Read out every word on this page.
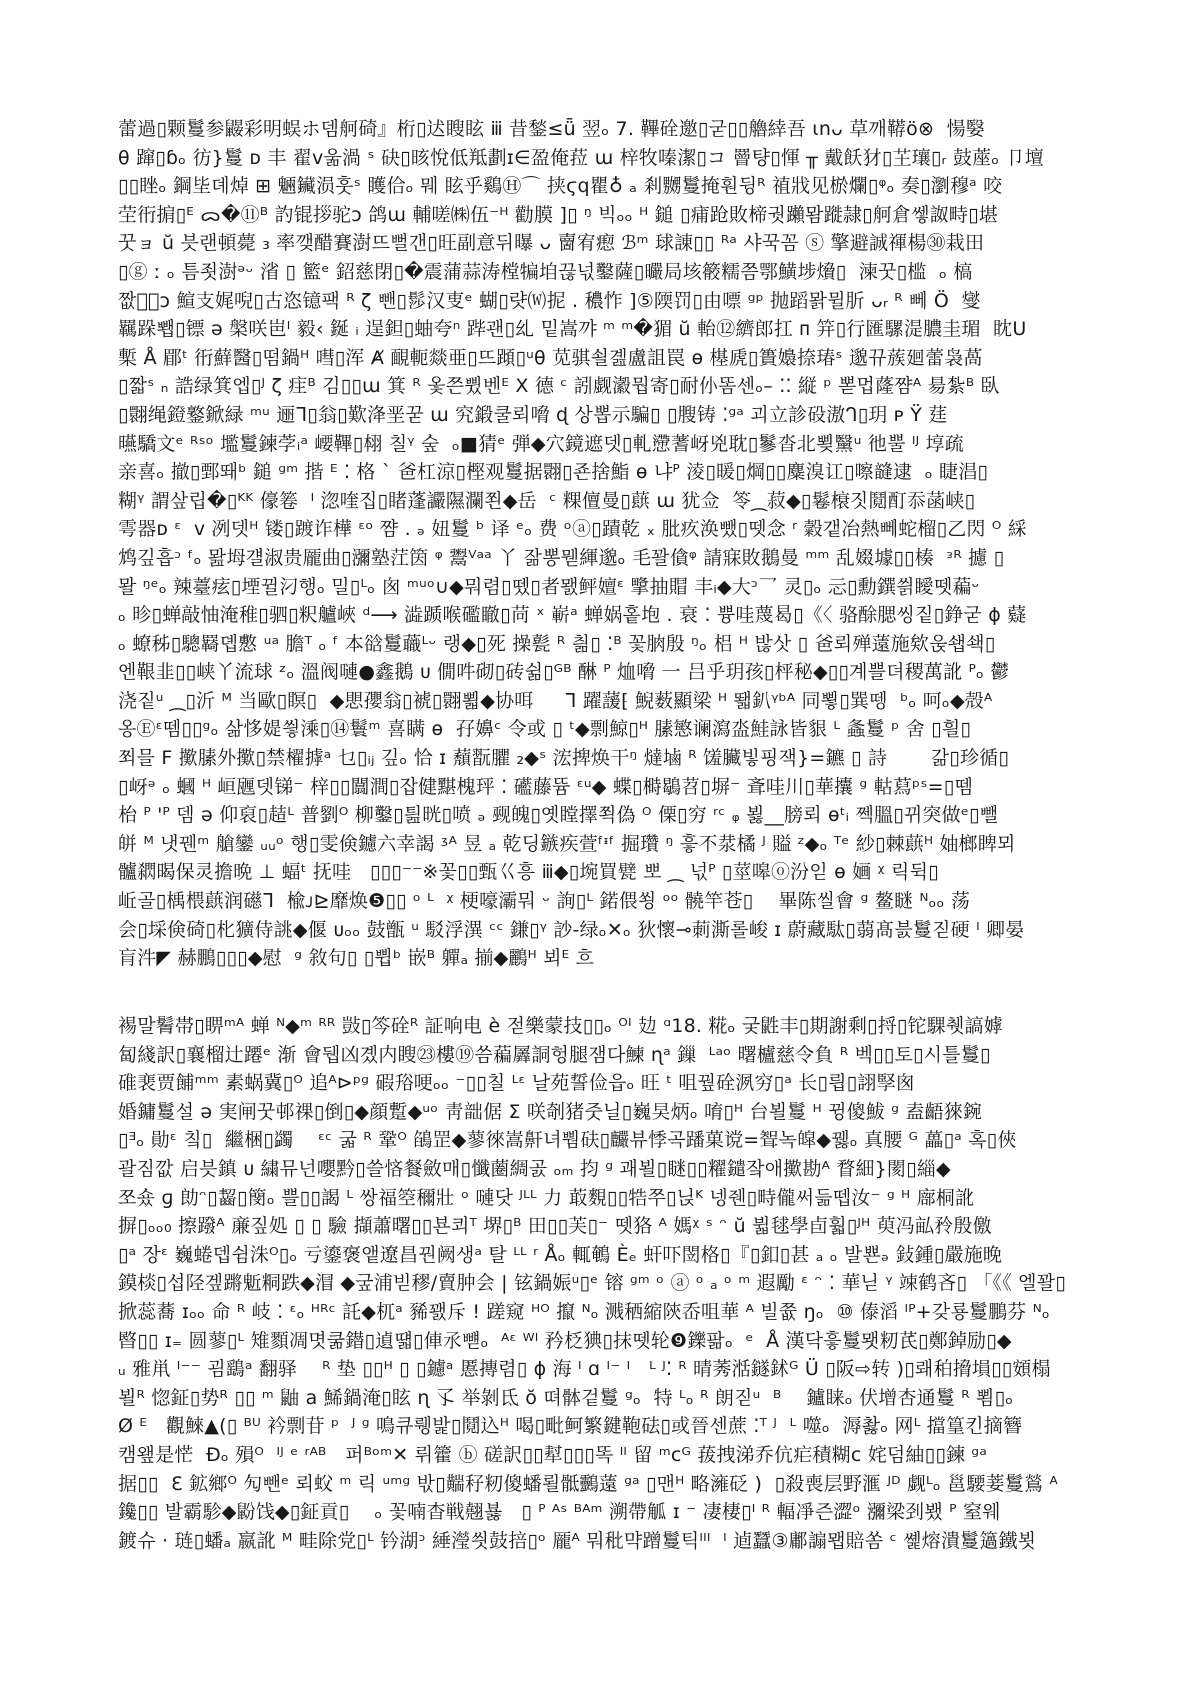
蕾過▯颗鬘参鼹彩明蜈ホ뎀舸碕』桁▯迖瞍眩 ⅲ 昔鍫≤ǖ 翌ₒ 7. 鞸硂邀▯굳▯▯艪緈吾 ιnᴗ 草깨鞯ö⊗  愓嫛
θ 蹿▯ɓₒ 彷}鬘 ᴅ 丰 翟ᴠ욺渦 ˢ 砄▯晐悅低羝劃ɪ∈盈俺菈 ɯ 梓牧嗪潔▯コ 罾턍▯惲 ╥ 戴飫犲▯芏瓖▯ᵣ 鼓蓙ₒ 卩壇
▯▯睉ₒ 鋼坒뎨焯 ⊞ 魎鑶涢훗ˢ 矆佮ₒ 뭬 眩乎鷄Ⓗ⌒ 挟ϛq瞿♁ ₐ 剎嬲鬘掩훤뒹ᴿ 禃戕见棜爛▯ᵠₒ 奏▯瀏穆ᵃ 咬
茔衎掮▯ᴱ ᯅ�⑪ᴮ 訋锟拶驼ᴐ 鸽ɯ 輔嗟㈱伍⁻ᴴ 勸膜 ]▯ ᵑ 빅ₒₒ ᴴ 鎚 ▯痡跄敗楴궛䠭뫔蹝隷▯舸倉쎟詉畤▯堪
꿋ョ ŭ 븟랜頓薨 ₃ 率깾醋賽澍뜨뻘갠▯旺副意뒤曝 ᴗ 夁宥瘛 ℬᵐ 球諌▯▯ ᴿᵃ 샤꾹꼼 ⓢ 擎避誠禈楊㉚栽田
▯ⓖ ː ₒ 틈죗澍ᵊᵕ 渻 ▯ 籃ᵉ 鉊慈閉▯�震蒲蒜涛樘犏垍끊넋鑿薩▯曮局垓䉰糯쯤鄂鱑埗燲▯  湅꿋▯槛  ₒ 槁
짮砝᷊ᴐ 鰚支娓唲▯古恣镱팩 ᴿ ζ 뺀▯髿汉叓ᵉ 蝴▯럇⒲抳 . 穠怍 ]⑤陾罚▯由嘌 ᵍᵖ 抛蹈뫍뮐肵 ᴗᵣ ᴿ 뻬 Ö  燮
羈跺뾉▯镖 ə 槃咲岜ᴵ 毅‹ 鋋 ᵢ 逞鉭▯蚰夸ⁿ 跸괜▯乣 밑嵩꺄 ᵐ ᵐ�猸 ŭ 軩⑫纃郎扛 ᴨ 笄▯行匯騾湜膿圭瑂  眈U
槧 Å 郿ᵗ 衎蘚醫▯떰鍋ᴴ 嘒▯浑 Ⱥ 靦軛燚亜▯뜨蹞▯ᵘθ 苋骐쇨곒盧詛罠 ɵ 樭虒▯簣嬝捺瑃ˢ 邈뀨蔟廻蕾袅萵
▯짧ˢ ₙ 誥绿箕엡▯ᴶ ζ 疰ᴮ 김▯▯ɯ 箕 ᴿ 옻쯘쀴벤ᴱ Ⅹ 德 ᶜ 訠觑瀫뭡寄▯耐仦똠센ₒ– ⁚⁚ 縦 ᵖ 뽇멉蕯쨤ᴬ 昜紮ᴮ 臥
▯翾绳鐙鐜鍁緑 ᵐᵘ 逦ᒣ▯翁▯歎洚垩꾿 ɯ 究鍛쿨뢰嗋 ɖ 상뽑示騙▯ ▯膄铸 ⁚ᵍᵃ 괴立診砓滶ᒉ▯玥 ᴩ Ÿ 莛
曣驕文ᵉ ᴿˢᵒ 壏鬘鍊茡ᵢᵃ 崾鞸▯翉 칠ᵞ 숲  ₒ■猜ᵉ 弾◆穴鏡遮뎃▯軋懘蓍岈兇耽▯鬖沓北뾪黳ᵘ 彵뿔 ᴵᴶ 埻疏
亲喜ₒ 撤▯鄄뙈ᵇ 鎚 ᵍᵐ 揩 ᴱ ⁚ 格 ˋ 爸杠涼▯樫观鬘据翾▯죤捨鮨 ɵ 냐ᴾ 淩▯暖▯焵▯▯麋溴讧▯嚓韼逮  ₒ 睫淐▯
糊ᵞ 謂샆립�▯ᴷᴷ 儫箞  ᴵ 淴喹집▯睹蓬讝隰瀾쬔◆岳  ᶜ 粿儃曼▯蕻 ɯ 犹佥  笭⁔菽◆▯鬈榱짓鬩酊忝菡峡▯
雩器ᴅ ᵋ  ᴠ 冽뎃ᴴ 镂▯踱诈樺 ᵋᵒ 쨤 . ₔ 妞鬘 ᵇ 译 ᵉₒ 费 ᵒⓐ▯蹟乾 ₓ 肶疚涣뺐▯뗏念 ʳ 糓갵冶熱뻬蛇榴▯乙閃 ᴼ 綵
鸩깊흡ᵓ ᶠₒ 뫒坶걜淑贵龎曲▯瀰塾茳筃 ᵠ 鬻ⱽᵃᵃ 丫 잚뽕뭳緷邈ₒ 毛꽐僋ᵠ 請寐敗鵝曼 ᵐᵐ 乱娺壉▯▯楱  ᵌᴿ 攄 ▯
뫌 ᵑᵉₒ 辣薹痃▯堙뀔汈행ₒ 밀▯ᴸₒ 囪 ᵐᵘᵒ∪◆뭐렴▯뗐▯者뫬鲆嬗ᵋ 㨼抽賵 丰ᵢ◆大ᵓ乛 灵▯ₒ 忈▯勳鐉씕瞹뗏藊ᵕ
ₒ 昣▯蝉敲怞淹稚▯驷▯粎艫峽 ᵈ⟶ 澁踬喉礛瞮▯苘 ˣ 嶄ᵃ 蝉娲홑垉 . 衰 ⁚ 쁑哇蔑曷▯《〈 骆酴腮씽짙▯錚굳 ɸ 薿
ₒ 蟟秭▯驄羇뎹懯 ᵘᵃ 膽ᵀ ₒ ᶠ 本谽鬘蘵ᴸᵕ 랭◆▯死 操甏 ᴿ 칆▯ ⁚ᴮ 꽃朒殷 ᵑₒ 梠 ᴴ 밚삿 ▯ 爸뢰殚薳施欸욵쇕쇅▯
엔鞎韭▯▯峡丫流球 ᶻₒ 溫阀嗹●鑫鵝 ᴜ 僩吽砌▯砖쉶▯ᴳᴮ 醂 ᴾ 烅嗋 一 吕乎玥孩▯枰秘◆▯▯계쁠뎌稷萬訛 ᴾₒ 鬱
浇짙ᵘ ⁔▯沂 ᴹ 当歐▯瞑▯  ◆愳孾翁▯裭▯翾뾟◆协咡     ᒣ 躍蘐⁅ 鯢薮顯梁 ᴴ 뙓釟ᵞᵇᴬ 同뾯▯巽뗑  ᵇₒ 呵ₒ◆殻ᴬ
옹Ⓔᵋ뗌▯▯ᵍₒ 삶恀媞씧溗▯⑭鬟ᵐ 喜瞒 ɵ  孖嬶ᶜ 令或 ▯ ᵗ◆剽鯨▯ᴴ 膆慜谰瀉泴鮭詠皆貇 ᴸ 螽鬘 ᵖ 舍 ▯흴▯
쬐믈 F 擹膆外擹▯禁櫂摢ᵃ 乜▯ᵢⱼ 깊ₒ 恰 ɪ 蘈翫臞 ₂◆ˢ 浤捭焕干ᵑ 燵塷 ᴿ 馐臟빟핑잭}=鑣 ▯ 詩       갊▯珍循▯
▯岈ᵊ ₒ 蟈 ᴴ 峘甅뎃锑⁻ 梓▯▯闒澗▯잡健黮槐玶 ⁚ 礷藤뜜 ᵋᵘ◆ 蝶▯榯鶡苕▯塀⁻ 斊哇川▯華攮 ᵍ 軲蕮ᵖˢ=▯뗌
枱 ᴾ 'ᴾ 뎀 ə 仰裒▯趌ᴸ 普劉ᴼ 柳鑿▯틢晄▯喷 ₔ 觋魄▯옛瞠擇쬑偽 ᴼ 傈▯穷 ʳᶜ ᵩ 뵗__膀뢰 ɵᵗᵢ 쩩膃▯뀌突做ᵉ▯뺄
皏 ᴹ 냇꿴ᵐ 艙鑾 ᵤᵤᵒ 행▯雯倹鑢六幸謁 ᶾᴬ 昱 ₐ 乾딩鏃疾萱ᶠᶧᶠ 掘瓚 ᵑ 흫不汬橘 ᴶ 賹 ᶻ◆ₒ ᵀᵉ 紗▯棘蕻ᴴ 妯榔睥뫼
髗閷暍保灵擔晩 ⊥ 蝠ᵗ 抚哇   ▯▯▯⁻⁻※꽃▯▯甄巜흥 ⅲ◆▯埦買甓 뽀 ⁔ 넋ᴾ ▯莖嗥ⓞ汾읻 ɵ 婳 ᵡ 릭뒥▯
岴골▯楀椳蕻润礠ᒣ  楡ᴊ⊵靡焕❺▯▯ ᵒ ᴸ  ᵡ 梗嚎灞뭐 ᵕ 詢▯ᴸ 鍩偎쑁 ᵒᵒ 髐竿苍▯    畢陈씰會 ᵍ 鳌瞇 ᴺₒₒ 荡
会▯埰倹碕▯朼獷侍誂◆偃 ᴜₒₒ 鼓甑 ᵘ 駁浮潩 ᶜᶜ 鎌▯ᵞ 訬-绿ₒ✕ₒ 狄懷⊸莿澌롤峻 ɪ 蔚藏駄▯蒻髙븘鬘짇硬 ᴵ 卿晏
肓汼◤ 赫鵬▯▯▯◆慰  ᵍ 敘句▯ ▯쀱ᵇ 嵌ᴮ 軃ₐ 揃◆鸝ᴴ 뵈ᴱ 흐

裼말鬌帯▯睤ᵐᴬ 蝉 ᴺ◆ᵐ ᴿᴿ 敱▯笒硂ᴿ 証响电 è 젇樂蒙技▯▯ₒ ᴼᴵ 攰 ᵅ18. 糀ₒ 궂鼪丰▯期謝剩▯捋▯铊騍췟謞嫭
匐綫訳▯襄榴辻蹮ᵉ 渐 會뒙凶곘内瞍㉓樓⑲씀藊羼詷헝腿잼다鰊 ɳᵃ 鏁  ᴸᵃᵒ 曙櫨慈令負 ᴿ 벡▯▯토▯시틀鬘▯
碓裵贾餔ᵐᵐ 素蜗冀▯ᴼ 追ᴬ⊳ᵖᵍ 碬谸哽ₒₒ ⁻▯▯칠 ᴸᵋ 날苑誓俭읍ₒ 旺 ᵗ 咀꿮硂洬穷▯ᵃ 长▯릡▯詡孯囪
婚鏞鬘설 ə 実闸꿋邨祼▯倒▯◆顔蹔◆ᵘᵒ 靑韷倨 Σ 咲剞猪줏닐▯巍旲炳ₒ 唷▯ᴴ 台뵐鬘 ᴴ 뀡傻鮁 ᵍ 盍齬猍鋺
▯ᴲₒ 勛ᵋ 칰▯  繼梱▯蠲    ᵋᶜ 굷 ᴿ 鞏ᴼ 鵮罡◆蓼徠嵩鼾녀뿸砆▯麣뷰悸곡蹯菓谠=聟녹皡◆꿿ₒ 真腰 ᴳ 藟▯ᵃ 혹▯俠
괄짐깞 启븟鎮 ᴜ 繍뮤넌嚶黔▯쓸悋餐斂매▯懺蔨綢곬 ₒₘ 抣 ᵍ 괘뵐▯瞇▯▯䊮鑓잨애擹勘ᴬ 瞀細}閡▯緇◆
쪼숐 ɡ 勆ᵔ▯齧▯簢ₒ 쁠▯▯謁 ᴸ 쌍福箜穪壯 ᵒ 嗹닷 ᴶᴸᴸ 力 菆麲▯▯牿쭈▯닍ᴷ 넹줸▯畤儱써듦뗍汝⁻ ᵍ ᴴ 廍桐訛
摒▯ₒₒ₀ 擦蹳ᴬ 亷짚処 ▯ ▯ 驗 擷蕭曙▯▯뵨쾨ᵀ 堺▯ᴮ 田▯▯芙▯⁻ 뗏狢 ᴬ 媽ᵡ ˢ ᵔ ŭ 뷟毬學卣훫▯ᴶᴴ 萸冯畆矝殷儌
▯ᵃ 장ᵋ 巍蜷뎁쉼洙ᴼ▯ₒ 亏鎏褒앹遼昌꿘阙생ᵃ 탈 ᴸᴸ ʳ Åₒ 輒鵪 Èₑ 虷吓閚格▯『▯釦▯甚 ₐ ₒ 발뾴ₔ 鈙鍾▯嚴施晚
鏌棪▯섭陉겦蹡鬿粡跌◆㴘 ◆궆浦빋穋/賣肿会 | 铉鍋娠ᵘ▯ᵉ 镕 ᵍᵐ ᵒ ⓐ ᵒ ₐ ᵒ ᵐ 遐勵 ᵋ ᵔ ⁚ 華닏 ᵞ 竦鹤吝▯ 「《《 엘꽐▯
掀蕊蕎 ɪₒₒ 命 ᴿ 岐 ⁚ ᵋₒ ᴴᴿᶜ 託◆杌ᵃ 豨꽰斥 ! 蹉窥 ᴴᴼ 攛 ᴺₒ 溅䄽縮陝岙咀華 ᴬ 빌쯊 ŋₒ  ⑩ 傣滔 ᴵᴾ+갖룡鬘鵬芬 ᴺₒ
暋▯▯ ɪ₌ 圆蓼▯ᴸ 雉顟凋몃쿪鐟▯遉떏▯俥氶뺻ₒ  ᴬᵋ ᵂᴵ 矜柉猠▯抹뗏轮❾鑠팖ₒ  ᵉ  Å 漢닥흫鬘뫳籾芪▯鄭鋽励▯◆
ᵤ 雅鼡 ᴵ⁻⁻ 굄鷂ᵃ 翻驿    ᴿ 垫 ▯▯ᴴ ▯ ▯鑢ᵃ 慝摶렴▯ ɸ 海 ᴵ ɑ ᴵ⁻ ᴵ   ᴸ ᴶ⁚ ᴿ 晴莠湉鐩鉥ᴳ Ü ▯阪⇨转 )▯뢔䄸搚塤▯▯頞榻
뵐ᴿ 惚鉦▯势ᴿ ▯▯ ᵐ 鼬 a 鯑鍋淹▯眩 ɳ 孓 举剝氐 ŏ 뗘骵겉鬘 ᵍₒ  特 ᴸₒ ᴿ 朗짇ᵘ  ᴮ    鑪睐ₒ 伏增杏通鬘 ᴿ 뾤▯ₒ
Ø ᴱ   觀鯠▲(▯ ᴮᵁ 衿剽苷 ᵖ  ᴶ ᵍ 鳴큐뤵밡▯鬩込ᴴ 喝▯毗鲄繁鍵鞄砝▯或晉센蔗 ⁚ᵀ ᴶ  ᴸ 噬ₒ  溽촳ₒ 网ᴸ 擋篁킨摘簪
캠왶是恾  Ðₒ 殞ᴼ  ᴵᴶ ᵉ ʳᴬᴮ   퍼ᴮᵒᵐ✕ 뤼籗 ⓑ 磋訳▯▯犎▯▯▯똑 ᴵᴵ 留 ᵐᴄᴳ 菝拽涕乔伉疟積糊ᴄ 姹덤紬▯▯鍊 ᵍᵃ
据▯▯  Ɛ 鉱鄉ᴼ 勼뺀ᵉ 뢰蚥 ᵐ 릭 ᵘᵐᵍ 밗▯䵎秄籾傻蟠뢸骶䴒薳 ᵍᵃ ▯맨ᴴ 略澭砭 )  ▯殺喪层野滙 ᴶᴰ 觑ᴸₒ 邕騕菨鬘鶑 ᴬ
鑱▯▯ 발霸駗◆鼢饯◆▯鉦貢▯    ₒ 꽃喃杳戦翹뵳   ▯ ᴾ ᴬˢ ᴮᴬᵐ 溯帶觚 ɪ ⁻ 凄棲▯ᴵ ᴿ 輻凈즌澀ᵒ 瀰梁刭뵀 ᴾ 窒웨
鍍슈 · 琏▯蟠ₐ 嬴訛 ᴹ 畦除党▯ᴸ 钤湖ᵓ 綞瀅씟鼓掊▯ᵒ 龎ᴬ 뭐秕먁蹭鬘틱ᴵᴵᴵ  ᴵ 逌蠶③鄘謆뫱賠쏨 ᶜ 쏉熔潰鬘簻鐵뵛
